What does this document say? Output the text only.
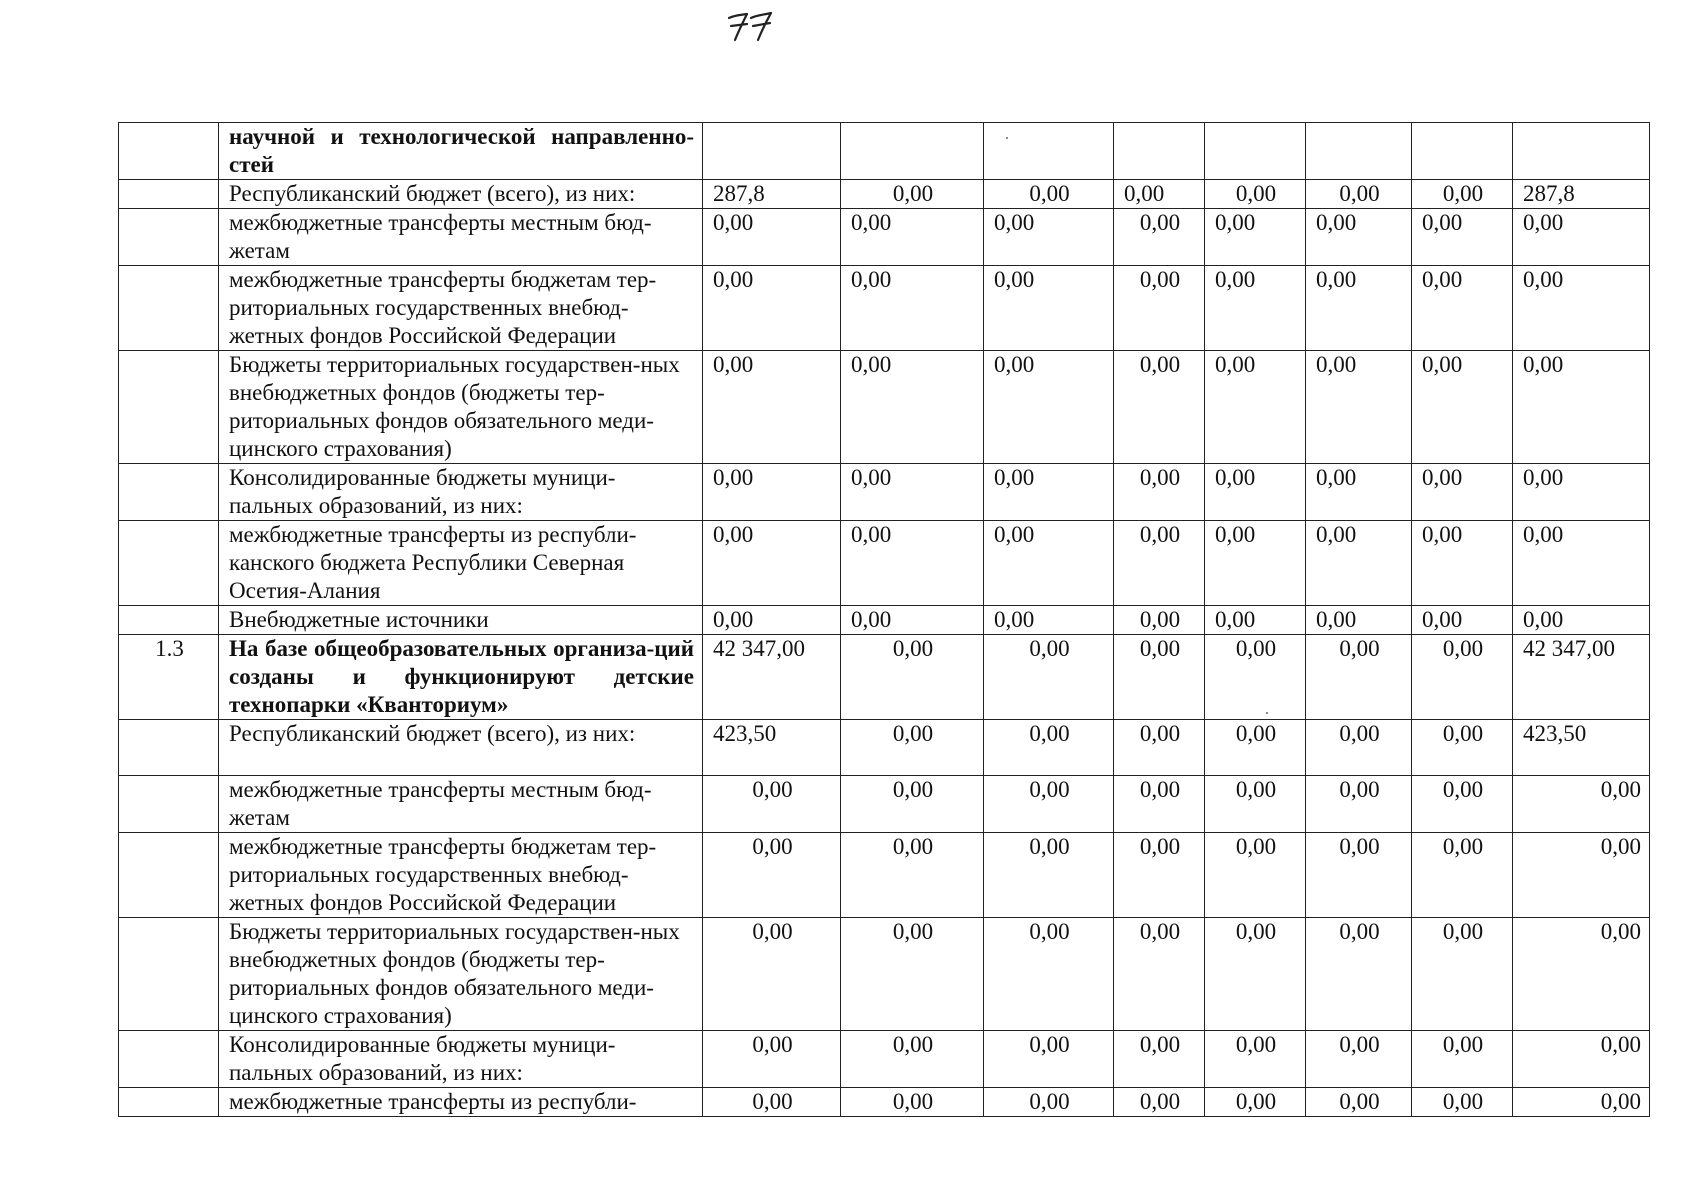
	научной и технологической направленно-стей								
	Республиканский бюджет (всего), из них:	287,8	0,00	0,00	0,00	0,00	0,00	0,00	287,8
	межбюджетные трансферты местным бюд-жетам	0,00	0,00	0,00	0,00	0,00	0,00	0,00	0,00
	межбюджетные трансферты бюджетам тер-риториальных государственных внебюд-жетных фондов Российской Федерации	0,00	0,00	0,00	0,00	0,00	0,00	0,00	0,00
	Бюджеты территориальных государствен-ных внебюджетных фондов (бюджеты тер-риториальных фондов обязательного меди-цинского страхования)	0,00	0,00	0,00	0,00	0,00	0,00	0,00	0,00
	Консолидированные бюджеты муници-пальных образований, из них:	0,00	0,00	0,00	0,00	0,00	0,00	0,00	0,00
	межбюджетные трансферты из республи-канского бюджета Республики Северная Осетия-Алания	0,00	0,00	0,00	0,00	0,00	0,00	0,00	0,00
	Внебюджетные источники	0,00	0,00	0,00	0,00	0,00	0,00	0,00	0,00
1.3	На базе общеобразовательных организа-ций созданы и функционируют детские технопарки «Кванториум»	42 347,00	0,00	0,00	0,00	0,00	0,00	0,00	42 347,00
	Республиканский бюджет (всего), из них:	423,50	0,00	0,00	0,00	0,00	0,00	0,00	423,50
	межбюджетные трансферты местным бюд-жетам	0,00	0,00	0,00	0,00	0,00	0,00	0,00	0,00
	межбюджетные трансферты бюджетам тер-риториальных государственных внебюд-жетных фондов Российской Федерации	0,00	0,00	0,00	0,00	0,00	0,00	0,00	0,00
	Бюджеты территориальных государствен-ных внебюджетных фондов (бюджеты тер-риториальных фондов обязательного меди-цинского страхования)	0,00	0,00	0,00	0,00	0,00	0,00	0,00	0,00
	Консолидированные бюджеты муници-пальных образований, из них:	0,00	0,00	0,00	0,00	0,00	0,00	0,00	0,00
	межбюджетные трансферты из республи-	0,00	0,00	0,00	0,00	0,00	0,00	0,00	0,00
